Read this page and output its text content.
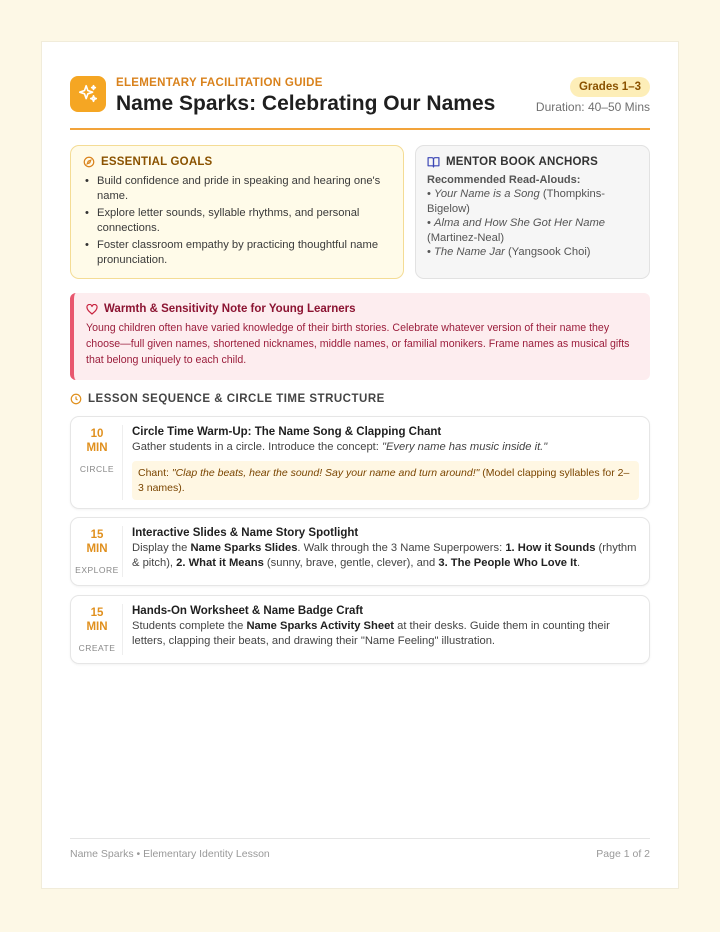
ELEMENTARY FACILITATION GUIDE
Name Sparks: Celebrating Our Names
Grades 1–3
Duration: 40–50 Mins
ESSENTIAL GOALS
• Build confidence and pride in speaking and hearing one's name.
• Explore letter sounds, syllable rhythms, and personal connections.
• Foster classroom empathy by practicing thoughtful name pronunciation.
MENTOR BOOK ANCHORS
Recommended Read-Alouds:
• Your Name is a Song (Thompkins-Bigelow)
• Alma and How She Got Her Name (Martinez-Neal)
• The Name Jar (Yangsook Choi)
Warmth & Sensitivity Note for Young Learners
Young children often have varied knowledge of their birth stories. Celebrate whatever version of their name they choose—full given names, shortened nicknames, middle names, or familial monikers. Frame names as musical gifts that belong uniquely to each child.
LESSON SEQUENCE & CIRCLE TIME STRUCTURE
10
MIN
CIRCLE
Circle Time Warm-Up: The Name Song & Clapping Chant
Gather students in a circle. Introduce the concept: "Every name has music inside it."
Chant: "Clap the beats, hear the sound! Say your name and turn around!" (Model clapping syllables for 2–3 names).
15
MIN
EXPLORE
Interactive Slides & Name Story Spotlight
Display the Name Sparks Slides. Walk through the 3 Name Superpowers: 1. How it Sounds (rhythm & pitch), 2. What it Means (sunny, brave, gentle, clever), and 3. The People Who Love It.
15
MIN
CREATE
Hands-On Worksheet & Name Badge Craft
Students complete the Name Sparks Activity Sheet at their desks. Guide them in counting their letters, clapping their beats, and drawing their "Name Feeling" illustration.
Name Sparks • Elementary Identity Lesson	Page 1 of 2
